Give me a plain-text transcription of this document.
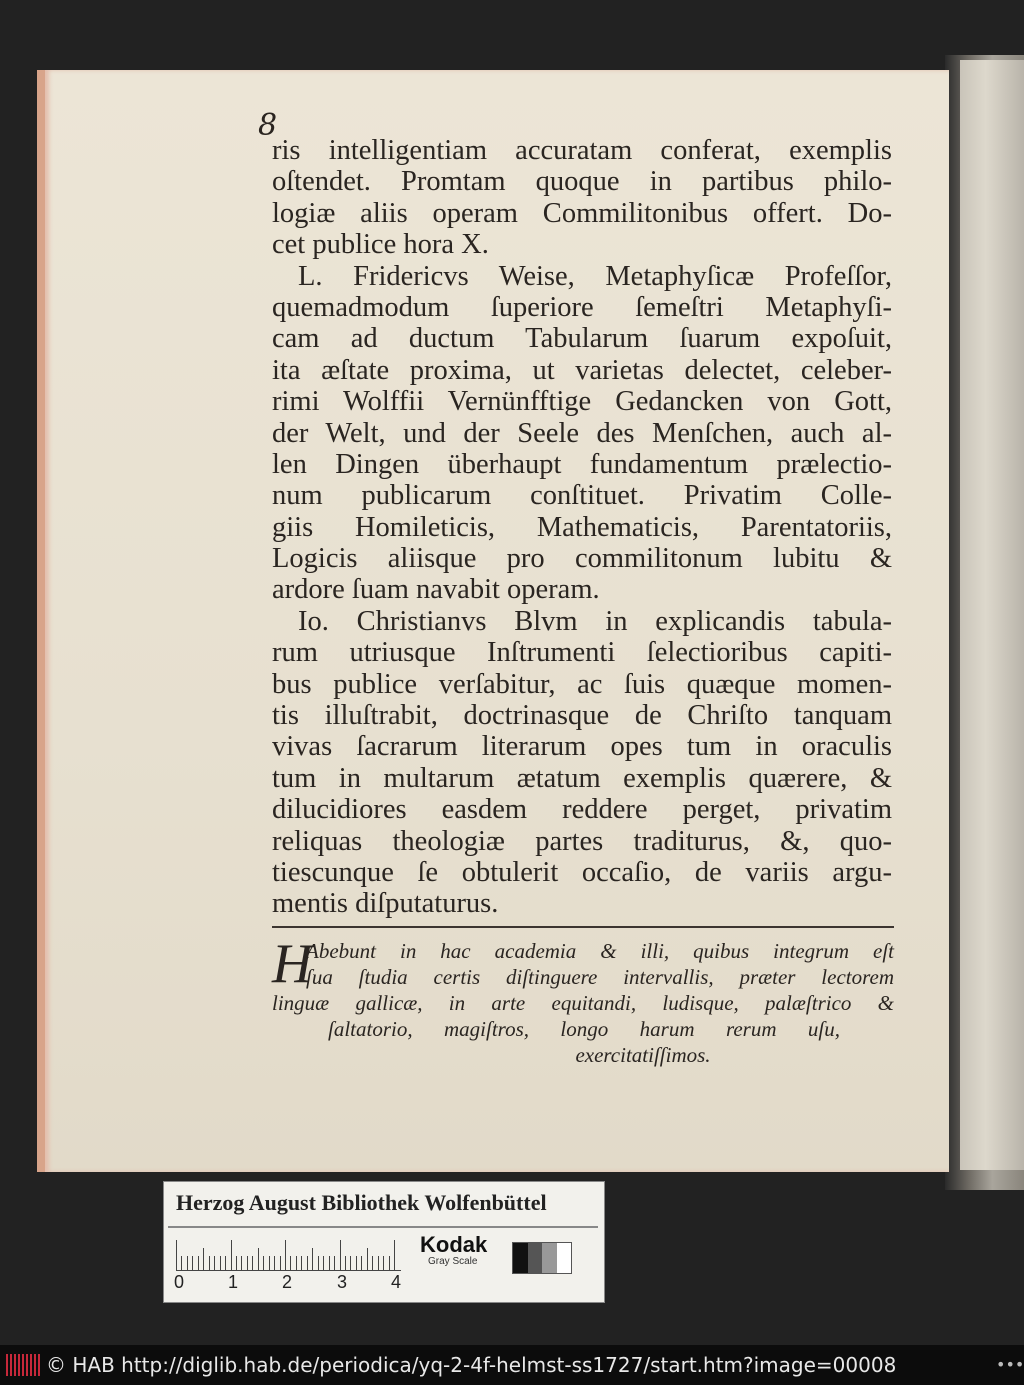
8
ris intelligentiam accuratam conferat, exemplis
oſtendet. Promtam quoque in partibus philo-
logiæ aliis operam Commilitonibus offert. Do-
cet publice hora X.
L. Fridericvs Weise, Metaphyſicæ Profeſſor,
quemadmodum ſuperiore ſemeſtri Metaphyſi-
cam ad ductum Tabularum ſuarum expoſuit,
ita æſtate proxima, ut varietas delectet, celeber-
rimi Wolffii Vernünfftige Gedancken von Gott,
der Welt, und der Seele des Menſchen, auch al-
len Dingen überhaupt fundamentum prælectio-
num publicarum conſtituet. Privatim Colle-
giis Homileticis, Mathematicis, Parentatoriis,
Logicis aliisque pro commilitonum lubitu &
ardore ſuam navabit operam.
Io. Christianvs Blvm in explicandis tabula-
rum utriusque Inſtrumenti ſelectioribus capiti-
bus publice verſabitur, ac ſuis quæque momen-
tis illuſtrabit, doctrinasque de Chriſto tanquam
vivas ſacrarum literarum opes tum in oraculis
tum in multarum ætatum exemplis quærere, &
dilucidiores easdem reddere perget, privatim
reliquas theologiæ partes traditurus, &, quo-
tiescunque ſe obtulerit occaſio, de variis argu-
mentis diſputaturus.
H
Abebunt in hac academia & illi, quibus integrum eſt
ſua ſtudia certis diſtinguere intervallis, præter lectorem
linguæ gallicæ, in arte equitandi, ludisque, palæſtrico &
ſaltatorio, magiſtros, longo harum rerum uſu,
exercitatiſſimos.
Herzog August Bibliothek Wolfenbüttel
0 1 2 3 4
Kodak
Gray Scale
© HAB http://diglib.hab.de/periodica/yq-2-4f-helmst-ss1727/start.htm?image=00008	•••
